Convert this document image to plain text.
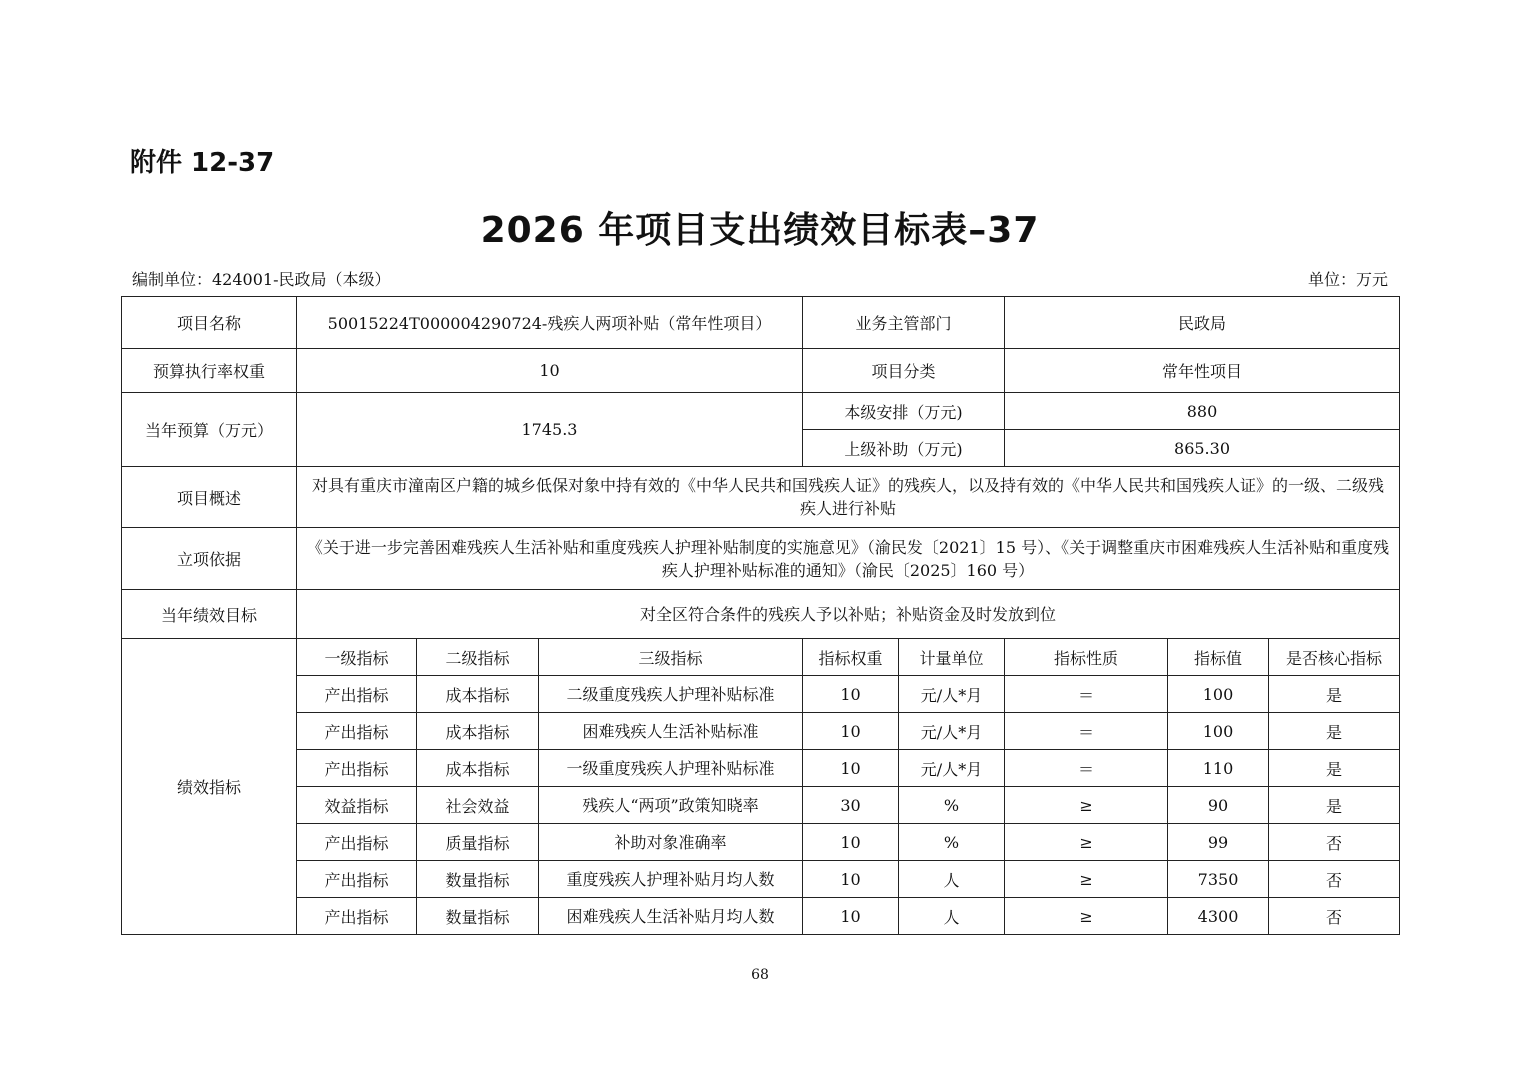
附件 12-37
2026 年项目支出绩效目标表–37
编制单位：424001-民政局（本级）	单位：万元
项目名称	50015224T000004290724-残疾人两项补贴（常年性项目）			业务主管部门		民政局		
预算执行率权重	10			项目分类		常年性项目		
当年预算（万元）	1745.3			本级安排（万元)		880		
				上级补助（万元)		865.30		
项目概述	对具有重庆市潼南区户籍的城乡低保对象中持有效的《中华人民共和国残疾人证》的残疾人，以及持有效的《中华人民共和国残疾人证》的一级、二级残疾人进行补贴							
立项依据	《关于进一步完善困难残疾人生活补贴和重度残疾人护理补贴制度的实施意见》（渝民发〔2021〕15 号）、《关于调整重庆市困难残疾人生活补贴和重度残疾人护理补贴标准的通知》（渝民〔2025〕160 号）							
当年绩效目标	对全区符合条件的残疾人予以补贴；补贴资金及时发放到位							
绩效指标	一级指标	二级指标	三级指标	指标权重	计量单位	指标性质	指标值	是否核心指标
	产出指标	成本指标	二级重度残疾人护理补贴标准	10	元/人*月	＝	100	是
	产出指标	成本指标	困难残疾人生活补贴标准	10	元/人*月	＝	100	是
	产出指标	成本指标	一级重度残疾人护理补贴标准	10	元/人*月	＝	110	是
	效益指标	社会效益	残疾人“两项”政策知晓率	30	%	≥	90	是
	产出指标	质量指标	补助对象准确率	10	%	≥	99	否
	产出指标	数量指标	重度残疾人护理补贴月均人数	10	人	≥	7350	否
	产出指标	数量指标	困难残疾人生活补贴月均人数	10	人	≥	4300	否
68
